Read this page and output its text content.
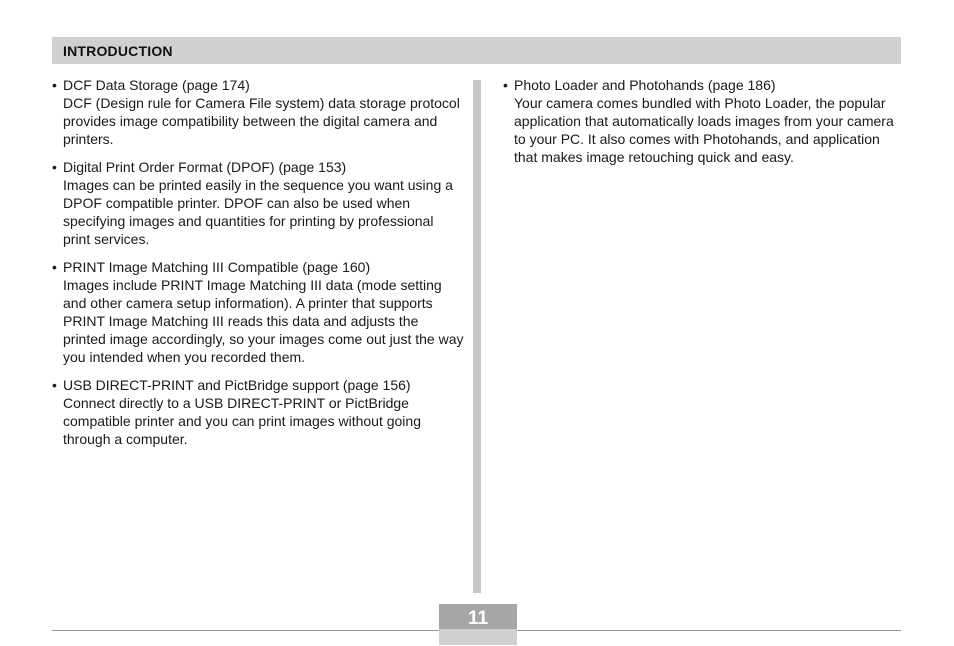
INTRODUCTION
• DCF Data Storage (page 174)
DCF (Design rule for Camera File system) data storage protocol provides image compatibility between the digital camera and printers.
• Digital Print Order Format (DPOF) (page 153)
Images can be printed easily in the sequence you want using a DPOF compatible printer. DPOF can also be used when specifying images and quantities for printing by professional print services.
• PRINT Image Matching III Compatible (page 160)
Images include PRINT Image Matching III data (mode setting and other camera setup information). A printer that supports PRINT Image Matching III reads this data and adjusts the printed image accordingly, so your images come out just the way you intended when you recorded them.
• USB DIRECT-PRINT and PictBridge support (page 156)
Connect directly to a USB DIRECT-PRINT or PictBridge compatible printer and you can print images without going through a computer.
• Photo Loader and Photohands (page 186)
Your camera comes bundled with Photo Loader, the popular application that automatically loads images from your camera to your PC. It also comes with Photohands, and application that makes image retouching quick and easy.
11
